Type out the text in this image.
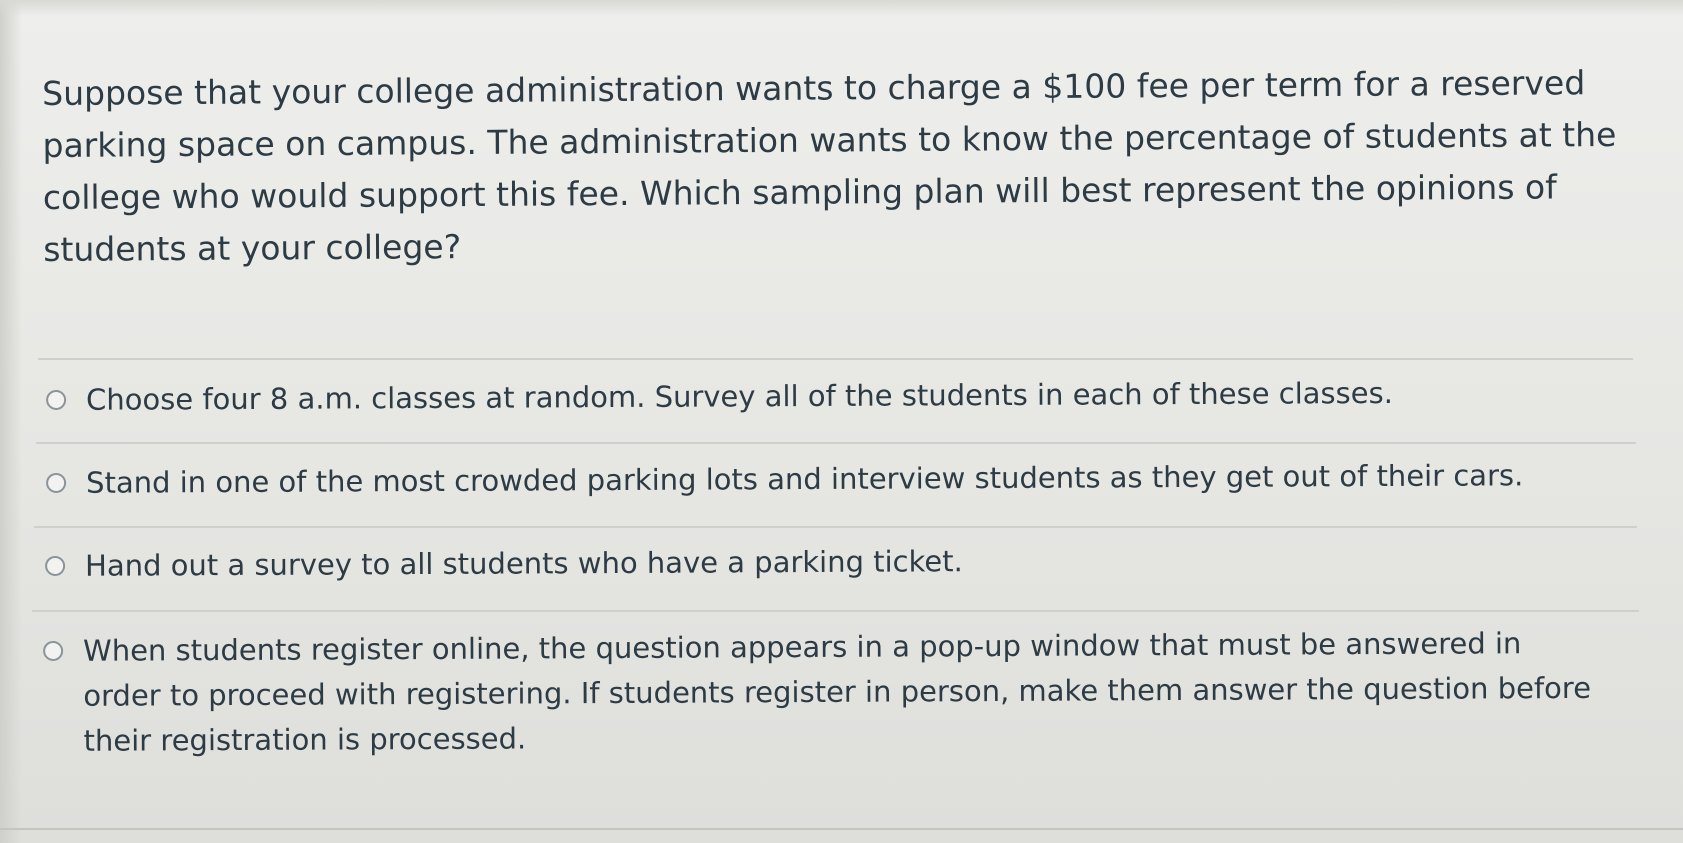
Suppose that your college administration wants to charge a $100 fee per term for a reserved parking space on campus. The administration wants to know the percentage of students at the college who would support this fee. Which sampling plan will best represent the opinions of students at your college?
Choose four 8 a.m. classes at random. Survey all of the students in each of these classes.
Stand in one of the most crowded parking lots and interview students as they get out of their cars.
Hand out a survey to all students who have a parking ticket.
When students register online, the question appears in a pop-up window that must be answered in order to proceed with registering. If students register in person, make them answer the question before their registration is processed.
